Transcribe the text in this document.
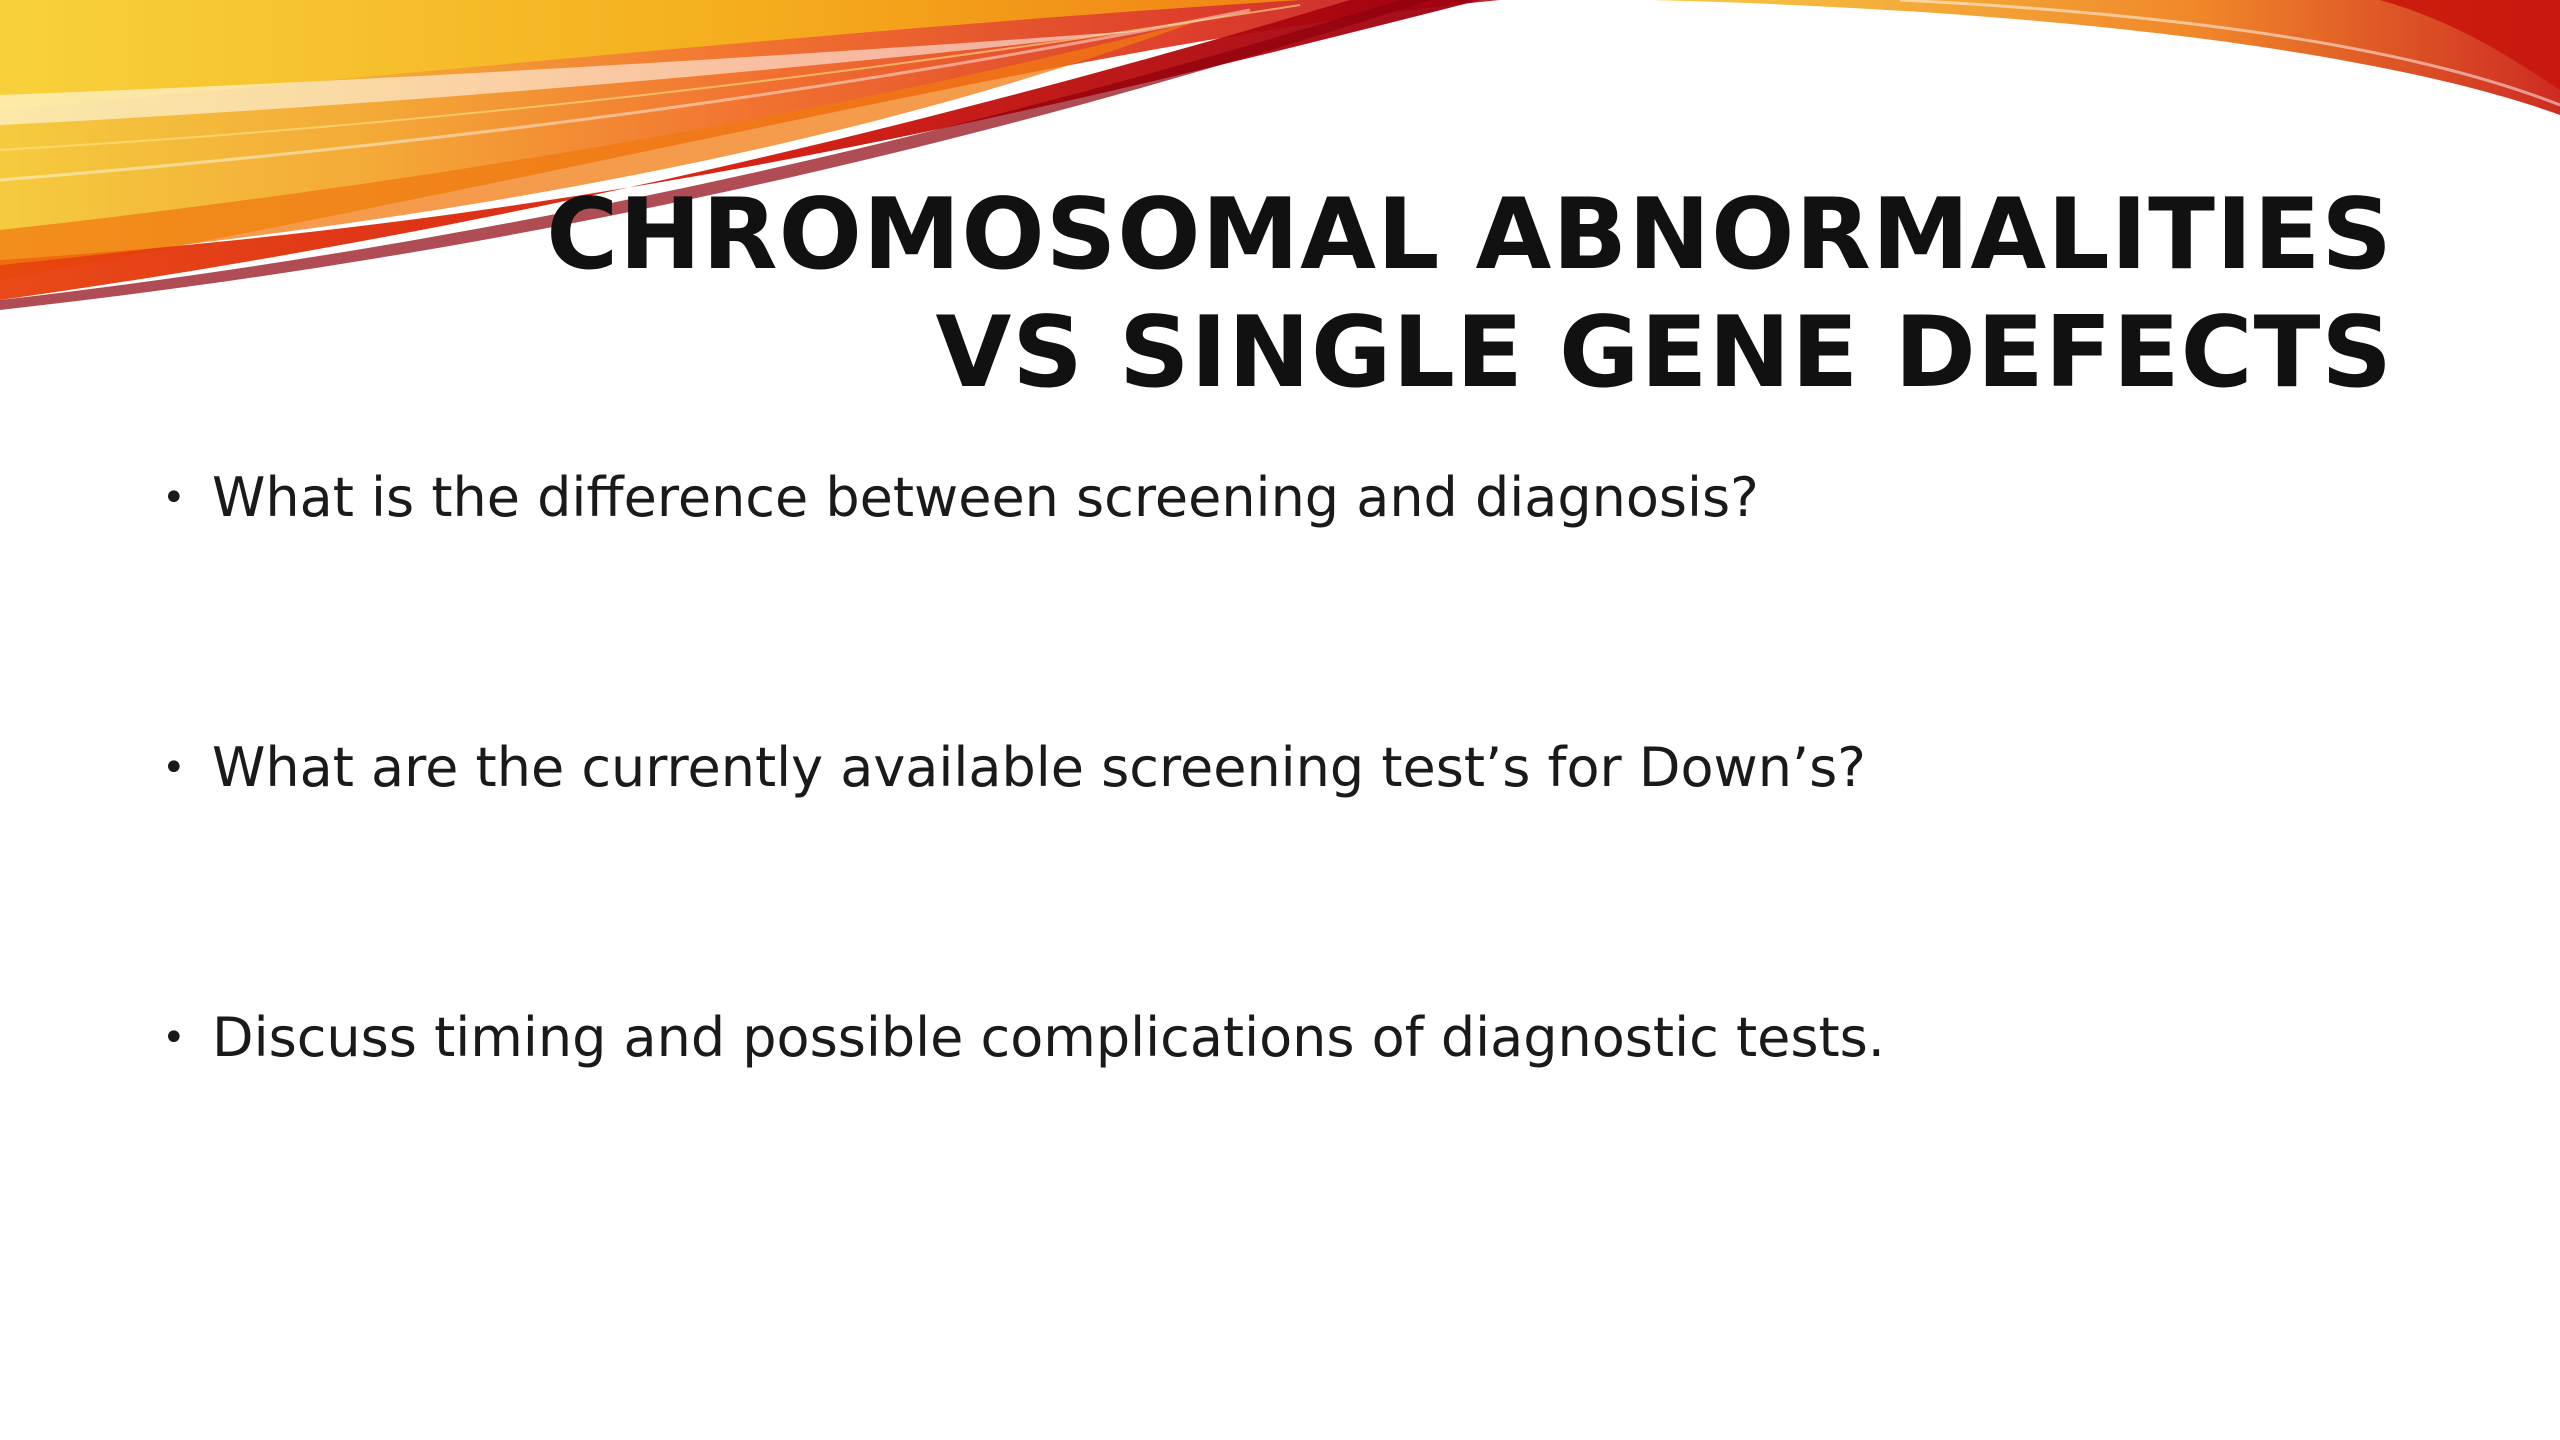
CHROMOSOMAL ABNORMALITIES
VS SINGLE GENE DEFECTS
• What is the difference between screening and diagnosis?
• What are the currently available screening test’s for Down’s?
• Discuss timing and possible complications of diagnostic tests.
